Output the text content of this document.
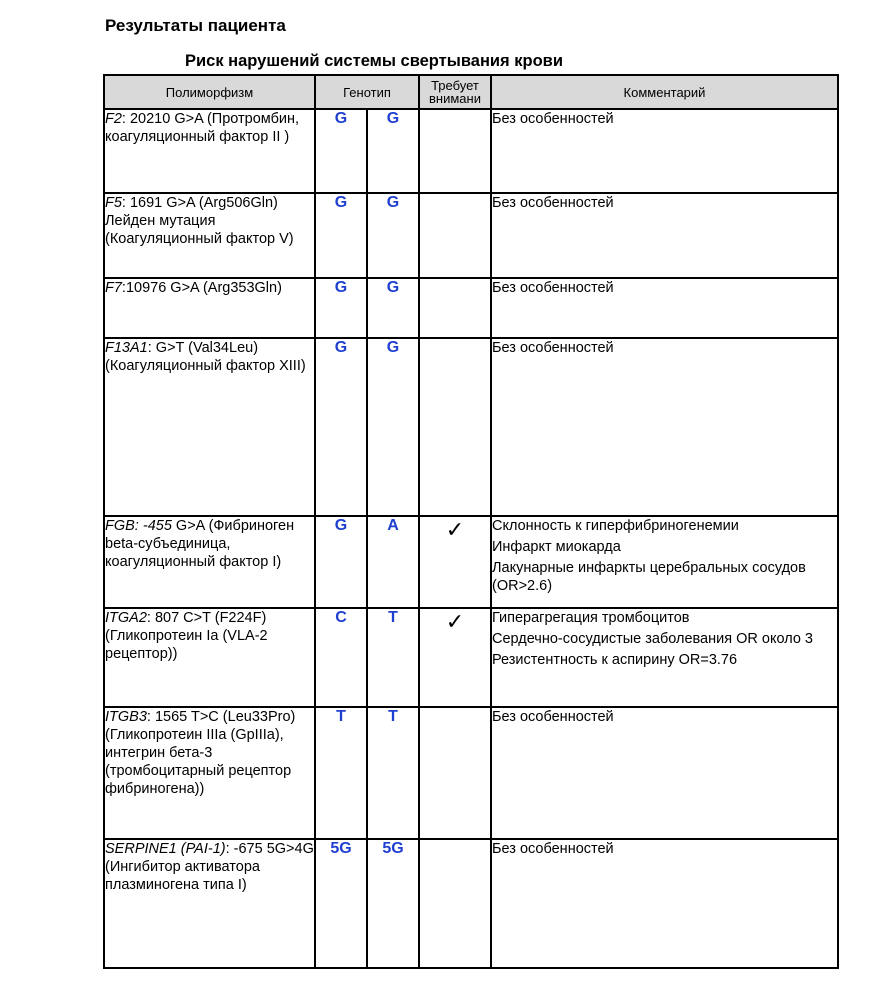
Результаты пациента
Риск нарушений системы свертывания крови
Полиморфизм	Генотип		Требует внимани	Комментарий
F2: 20210 G>A (Протромбин, коагуляционный фактор II )	G	G		Без особенностей

F5: 1691 G>A (Arg506Gln) Лейден мутация (Коагуляционный фактор V)	G	G		Без особенностей

F7:10976 G>A (Arg353Gln)	G	G		Без особенностей

F13A1: G>T (Val34Leu) (Коагуляционный фактор XIII)	G	G		Без особенностей

FGB: -455 G>A (Фибриноген beta-субъединица, коагуляционный фактор I)	G	A	✓	Склонность к гиперфибриногенемии
Инфаркт миокарда
Лакунарные инфаркты церебральных сосудов (OR>2.6)

ITGA2: 807 C>T (F224F) (Гликопротеин Ia (VLA-2 рецептор))	C	T	✓	Гиперагрегация тромбоцитов
Сердечно-сосудистые заболевания OR около 3
Резистентность к аспирину OR=3.76

ITGB3: 1565 T>C (Leu33Pro) (Гликопротеин IIIa (GpIIIa), интегрин бета-3 (тромбоцитарный рецептор фибриногена))	T	T		Без особенностей

SERPINE1 (PAI-1): -675 5G>4G (Ингибитор активатора плазминогена типа I)	5G	5G		Без особенностей
